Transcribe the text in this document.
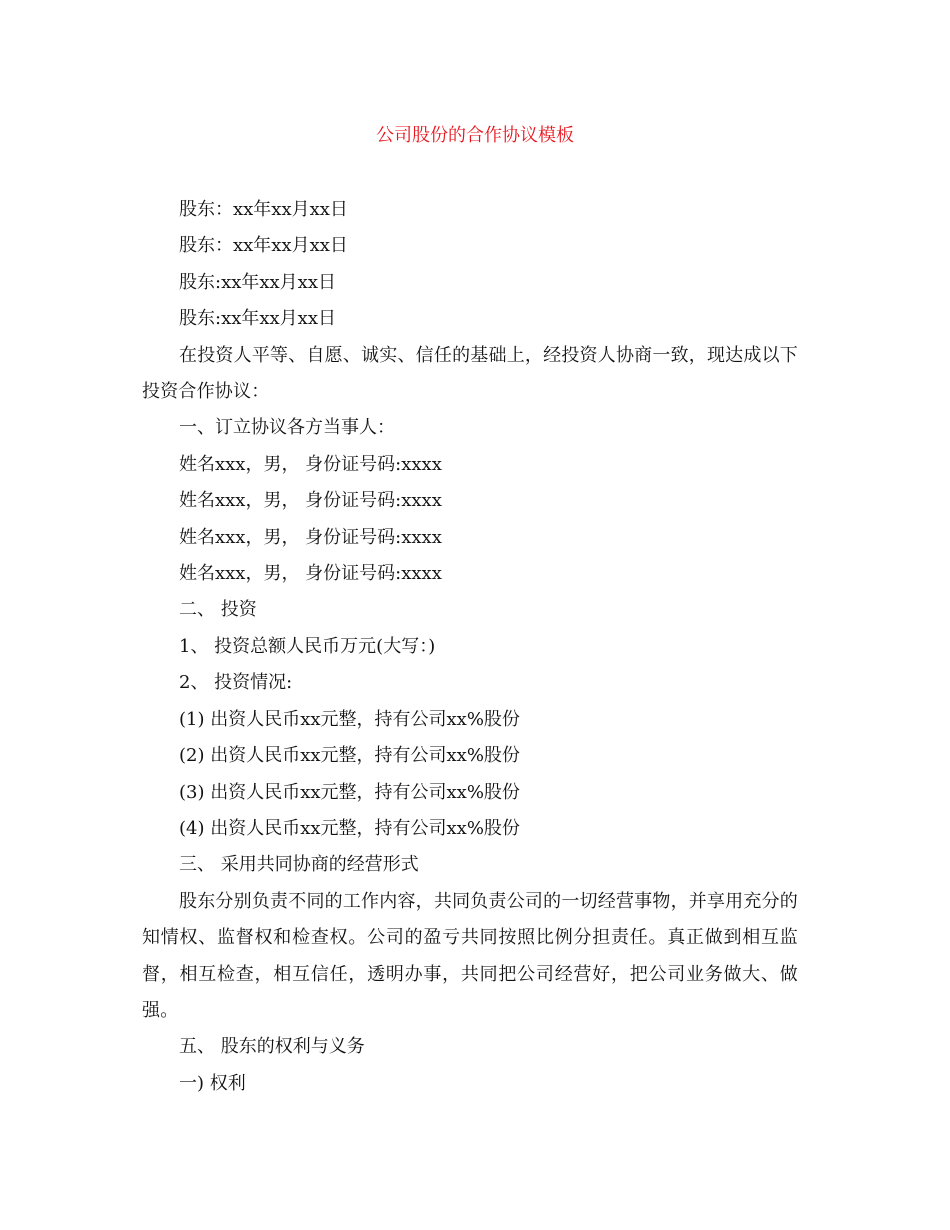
公司股份的合作协议模板

股东：xx年xx月xx日

股东：xx年xx月xx日

股东:xx年xx月xx日

股东:xx年xx月xx日

在投资人平等、自愿、诚实、信任的基础上，经投资人协商一致，现达成以下投资合作协议：

一、订立协议各方当事人：

姓名xxx，男， 身份证号码:xxxx

姓名xxx，男， 身份证号码:xxxx

姓名xxx，男， 身份证号码:xxxx

姓名xxx，男， 身份证号码:xxxx

二、 投资

1、 投资总额人民币万元(大写：)

2、 投资情况:

(1) 出资人民币xx元整，持有公司xx%股份

(2) 出资人民币xx元整，持有公司xx%股份

(3) 出资人民币xx元整，持有公司xx%股份

(4) 出资人民币xx元整，持有公司xx%股份

三、 采用共同协商的经营形式

股东分别负责不同的工作内容，共同负责公司的一切经营事物，并享用充分的知情权、监督权和检查权。公司的盈亏共同按照比例分担责任。真正做到相互监督，相互检查，相互信任，透明办事，共同把公司经营好，把公司业务做大、做强。

五、 股东的权利与义务

一) 权利
